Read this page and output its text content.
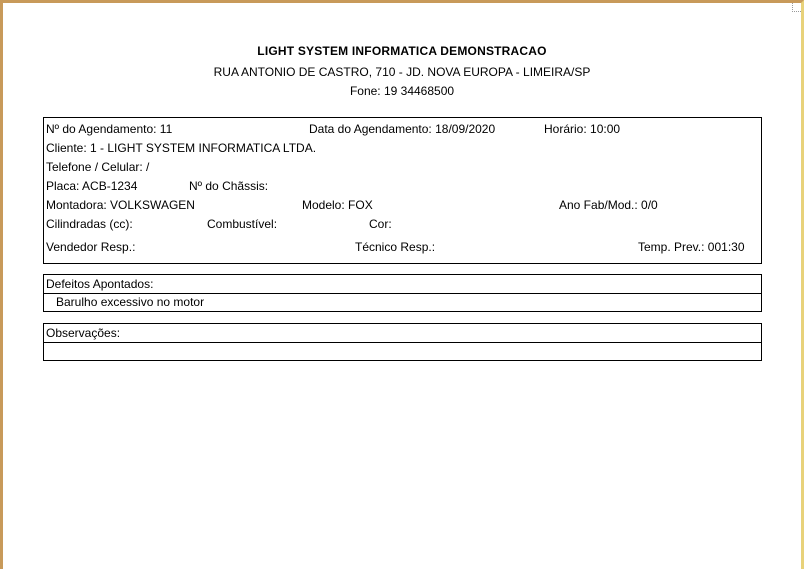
LIGHT SYSTEM INFORMATICA DEMONSTRACAO
RUA ANTONIO DE CASTRO, 710 - JD. NOVA EUROPA - LIMEIRA/SP
Fone: 19 34468500
Nº do Agendamento: 11	Data do Agendamento: 18/09/2020	Horário: 10:00
Cliente: 1 - LIGHT SYSTEM INFORMATICA LTDA.
Telefone / Celular: /
Placa: ACB-1234	Nº do Chãssis:
Montadora: VOLKSWAGEN	Modelo: FOX	Ano Fab/Mod.: 0/0
Cilindradas (cc):	Combustível:	Cor:
Vendedor Resp.:	Técnico Resp.:	Temp. Prev.: 001:30
Defeitos Apontados:
Barulho excessivo no motor
Observações:
